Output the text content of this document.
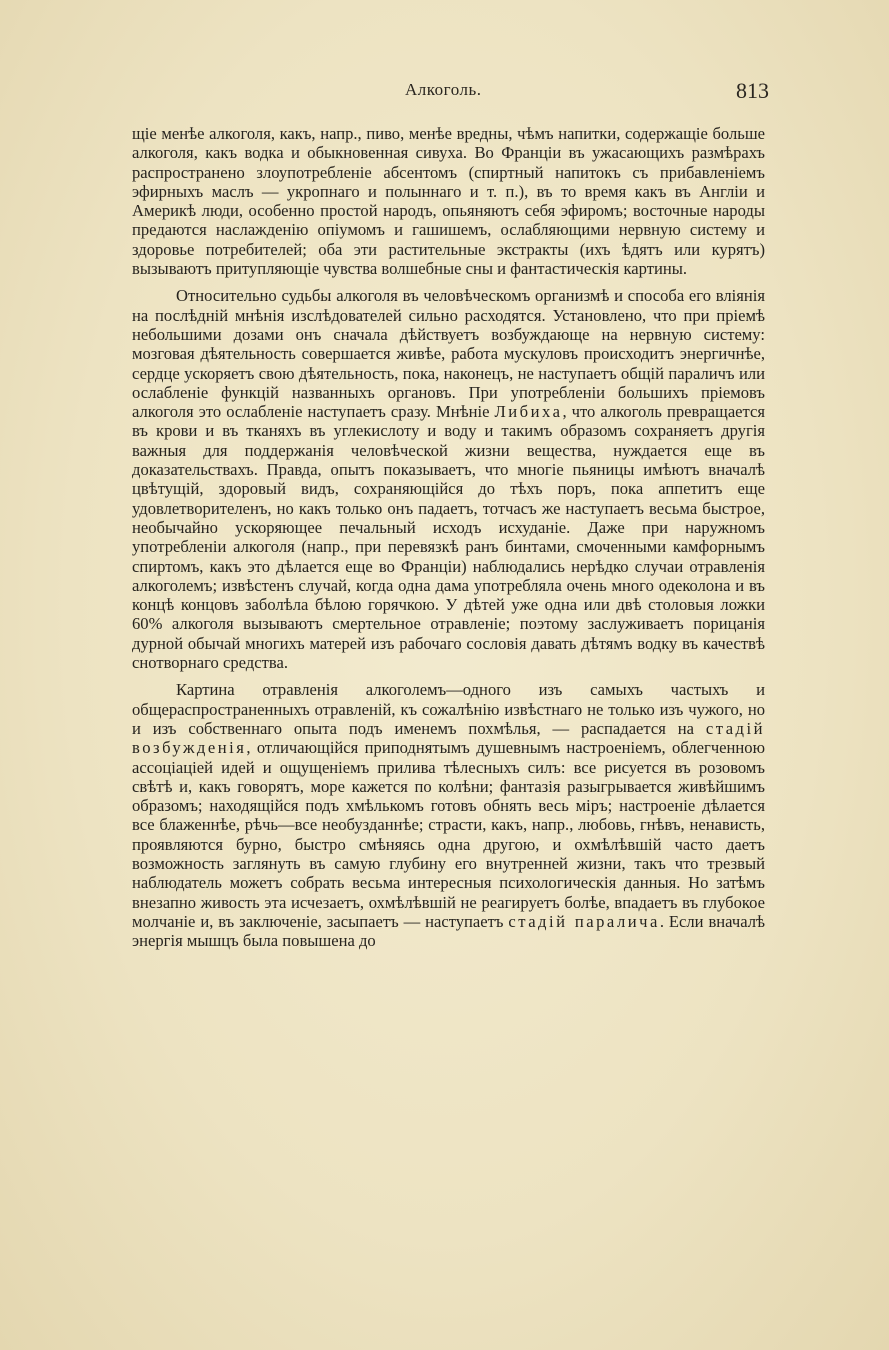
Алкоголь.	813

щіе менѣе алкоголя, какъ, напр., пиво, менѣе вредны, чѣмъ напитки, содержащіе больше алкоголя, какъ водка и обыкновенная сивуха. Во Франціи въ ужасающихъ размѣрахъ распространено злоупотребленіе абсентомъ (спиртный напитокъ съ прибавленіемъ эфирныхъ маслъ — укропнаго и полыннаго и т. п.), въ то время какъ въ Англіи и Америкѣ люди, особенно простой народъ, опьяняютъ себя эфиромъ; восточные народы предаются наслажденію опіумомъ и гашишемъ, ослабляющими нервную систему и здоровье потребителей; оба эти растительные экстракты (ихъ ѣдятъ или курятъ) вызываютъ притупляющіе чувства волшебные сны и фантастическія картины.

Относительно судьбы алкоголя въ человѣческомъ организмѣ и способа его вліянія на послѣдній мнѣнія изслѣдователей сильно расходятся. Установлено, что при пріемѣ небольшими дозами онъ сначала дѣйствуетъ возбуждающе на нервную систему: мозговая дѣятельность совершается живѣе, работа мускуловъ происходитъ энергичнѣе, сердце ускоряетъ свою дѣятельность, пока, наконецъ, не наступаетъ общій параличъ или ослабленіе функцій названныхъ органовъ. При употребленіи большихъ пріемовъ алкоголя это ослабленіе наступаетъ сразу. Мнѣніе Либиха, что алкоголь превращается въ крови и въ тканяхъ въ углекислоту и воду и такимъ образомъ сохраняетъ другія важныя для поддержанія человѣческой жизни вещества, нуждается еще въ доказательствахъ. Правда, опытъ показываетъ, что многіе пьяницы имѣютъ вначалѣ цвѣтущій, здоровый видъ, сохраняющійся до тѣхъ поръ, пока аппетитъ еще удовлетворителенъ, но какъ только онъ падаетъ, тотчасъ же наступаетъ весьма быстрое, необычайно ускоряющее печальный исходъ исхуданіе. Даже при наружномъ употребленіи алкоголя (напр., при перевязкѣ ранъ бинтами, смоченными камфорнымъ спиртомъ, какъ это дѣлается еще во Франціи) наблюдались нерѣдко случаи отравленія алкоголемъ; извѣстенъ случай, когда одна дама употребляла очень много одеколона и въ концѣ концовъ заболѣла бѣлою горячкою. У дѣтей уже одна или двѣ столовыя ложки 60% алкоголя вызываютъ смертельное отравленіе; поэтому заслуживаетъ порицанія дурной обычай многихъ матерей изъ рабочаго сословія давать дѣтямъ водку въ качествѣ снотворнаго средства.

Картина отравленія алкоголемъ—одного изъ самыхъ частыхъ и общераспространенныхъ отравленій, къ сожалѣнію извѣстнаго не только изъ чужого, но и изъ собственнаго опыта подъ именемъ похмѣлья, — распадается на стадій возбужденія, отличающійся приподнятымъ душевнымъ настроеніемъ, облегченною ассоціаціей идей и ощущеніемъ прилива тѣлесныхъ силъ: все рисуется въ розовомъ свѣтѣ и, какъ говорятъ, море кажется по колѣни; фантазія разыгрывается живѣйшимъ образомъ; находящійся подъ хмѣлькомъ готовъ обнять весь міръ; настроеніе дѣлается все блаженнѣе, рѣчь—все необузданнѣе; страсти, какъ, напр., любовь, гнѣвъ, ненависть, проявляются бурно, быстро смѣняясь одна другою, и охмѣлѣвшій часто даетъ возможность заглянуть въ самую глубину его внутренней жизни, такъ что трезвый наблюдатель можетъ собрать весьма интересныя психологическія данныя. Но затѣмъ внезапно живость эта исчезаетъ, охмѣлѣвшій не реагируетъ болѣе, впадаетъ въ глубокое молчаніе и, въ заключеніе, засыпаетъ — наступаетъ стадій паралича. Если вначалѣ энергія мышцъ была повышена до
